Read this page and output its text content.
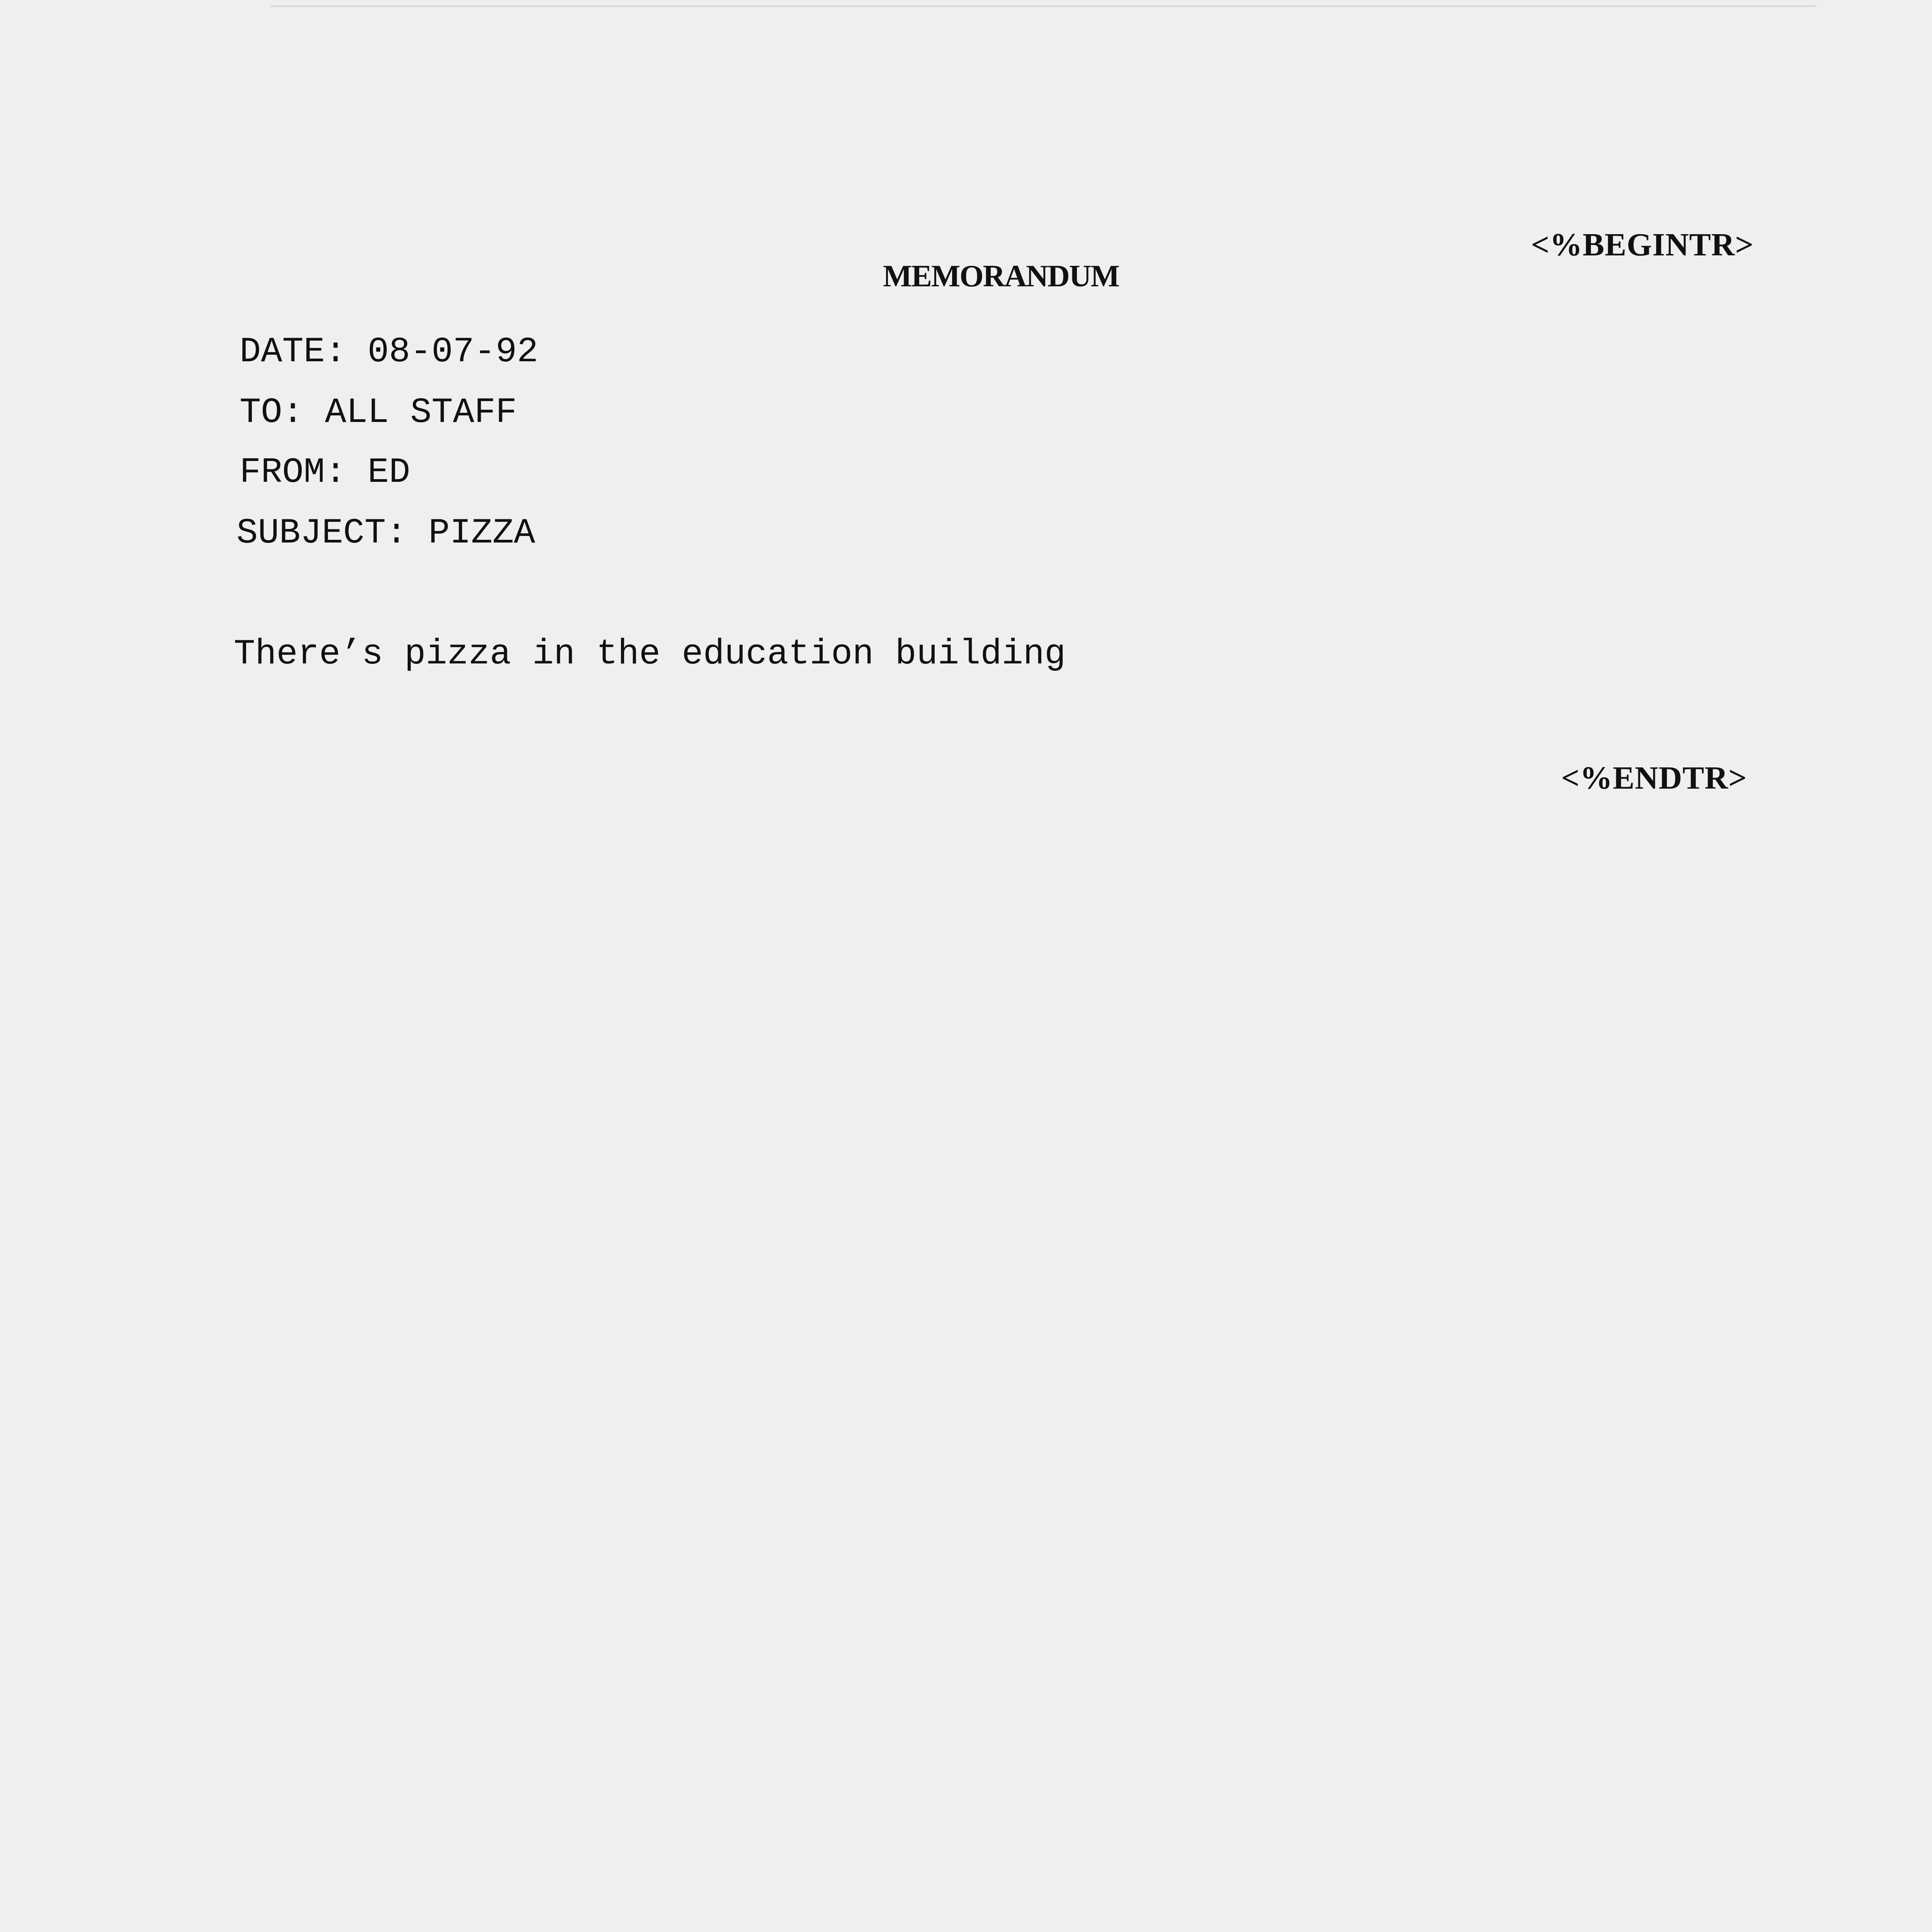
<%BEGINTR>
MEMORANDUM
DATE: 08-07-92
TO: ALL STAFF
FROM: ED
SUBJECT: PIZZA
There’s pizza in the education building
<%ENDTR>
